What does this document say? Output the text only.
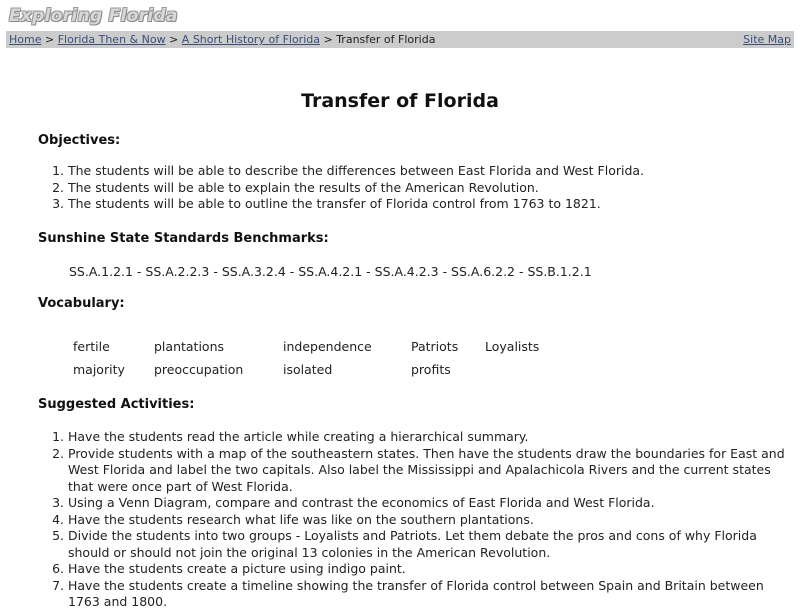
Exploring Florida
Home > Florida Then & Now > A Short History of Florida > Transfer of Florida	Site Map
Transfer of Florida
Objectives:
1. The students will be able to describe the differences between East Florida and West Florida.
2. The students will be able to explain the results of the American Revolution.
3. The students will be able to outline the transfer of Florida control from 1763 to 1821.
Sunshine State Standards Benchmarks:
SS.A.1.2.1 - SS.A.2.2.3 - SS.A.3.2.4 - SS.A.4.2.1 - SS.A.4.2.3 - SS.A.6.2.2 - SS.B.1.2.1
Vocabulary:
fertile	plantations	independence	Patriots	Loyalists
majority	preoccupation	isolated	profits	
Suggested Activities:
1. Have the students read the article while creating a hierarchical summary.
2. Provide students with a map of the southeastern states. Then have the students draw the boundaries for East and West Florida and label the two capitals. Also label the Mississippi and Apalachicola Rivers and the current states that were once part of West Florida.
3. Using a Venn Diagram, compare and contrast the economics of East Florida and West Florida.
4. Have the students research what life was like on the southern plantations.
5. Divide the students into two groups - Loyalists and Patriots. Let them debate the pros and cons of why Florida should or should not join the original 13 colonies in the American Revolution.
6. Have the students create a picture using indigo paint.
7. Have the students create a timeline showing the transfer of Florida control between Spain and Britain between 1763 and 1800.
